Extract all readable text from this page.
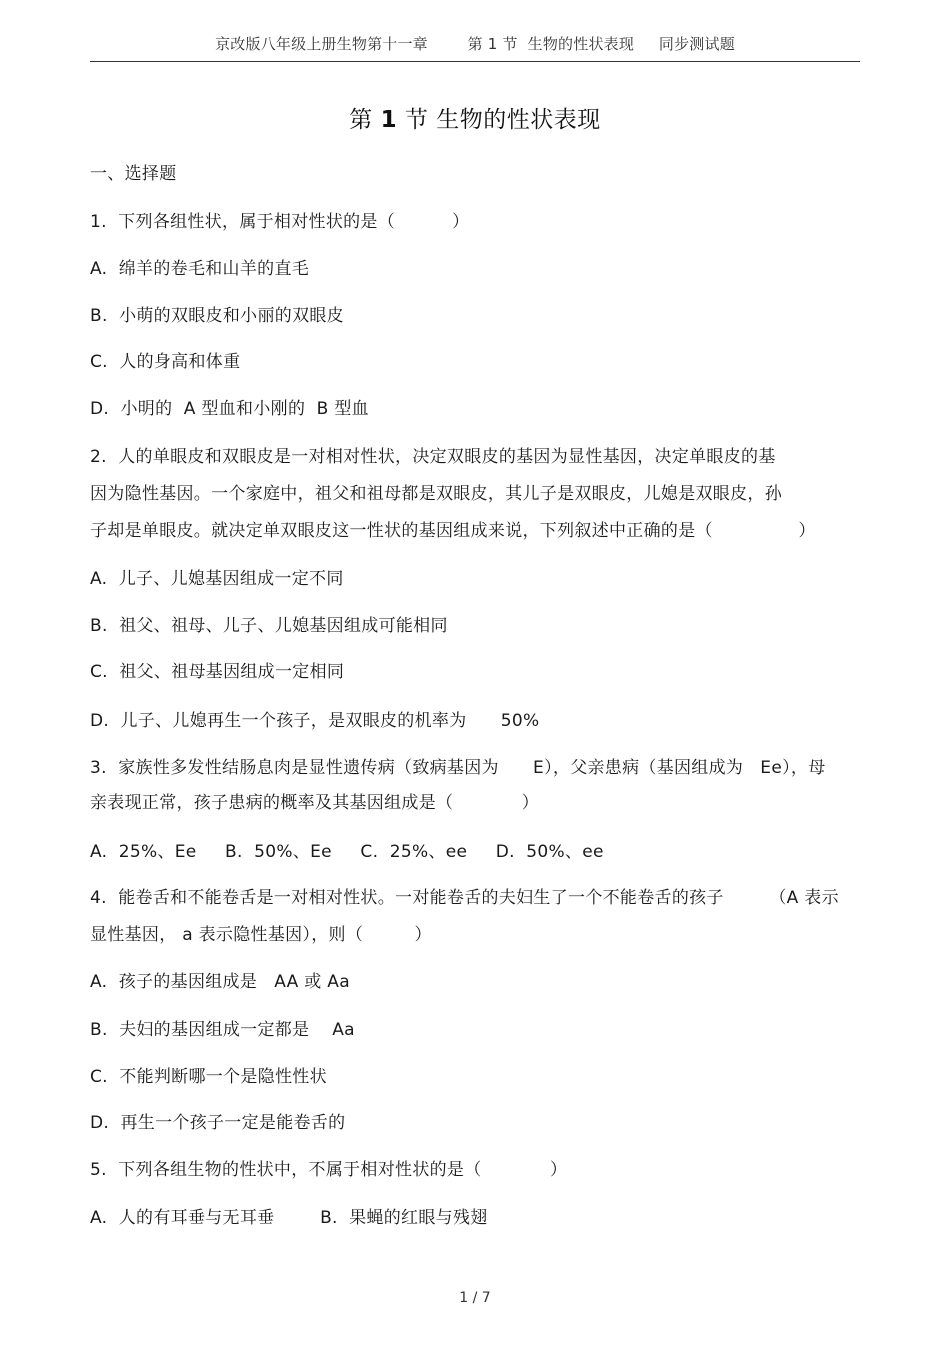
京改版八年级上册生物第十一章	第 1 节  生物的性状表现     同步测试题
第 1 节 生物的性状表现
一、选择题
1.  下列各组性状，属于相对性状的是（          ）
A.  绵羊的卷毛和山羊的直毛
B.  小萌的双眼皮和小丽的双眼皮
C.  人的身高和体重
D.  小明的  A 型血和小刚的  B 型血
2.  人的单眼皮和双眼皮是一对相对性状，决定双眼皮的基因为显性基因，决定单眼皮的基
因为隐性基因。一个家庭中，祖父和祖母都是双眼皮，其儿子是双眼皮，儿媳是双眼皮，孙
子却是单眼皮。就决定单双眼皮这一性状的基因组成来说，下列叙述中正确的是（               ）
A.  儿子、儿媳基因组成一定不同
B.  祖父、祖母、儿子、儿媳基因组成可能相同
C.  祖父、祖母基因组成一定相同
D.  儿子、儿媳再生一个孩子，是双眼皮的机率为      50%
3.  家族性多发性结肠息肉是显性遗传病（致病基因为      E），父亲患病（基因组成为   Ee），母
亲表现正常，孩子患病的概率及其基因组成是（            ）
A.  25%、Ee     B.  50%、Ee     C.  25%、ee     D.  50%、ee
4.  能卷舌和不能卷舌是一对相对性状。一对能卷舌的夫妇生了一个不能卷舌的孩子        （A 表示
显性基因， a 表示隐性基因），则（         ）
A.  孩子的基因组成是   AA 或 Aa
B.  夫妇的基因组成一定都是    Aa
C.  不能判断哪一个是隐性性状
D.  再生一个孩子一定是能卷舌的
5.  下列各组生物的性状中，不属于相对性状的是（            ）
A.  人的有耳垂与无耳垂        B.  果蝇的红眼与残翅
1 / 7
